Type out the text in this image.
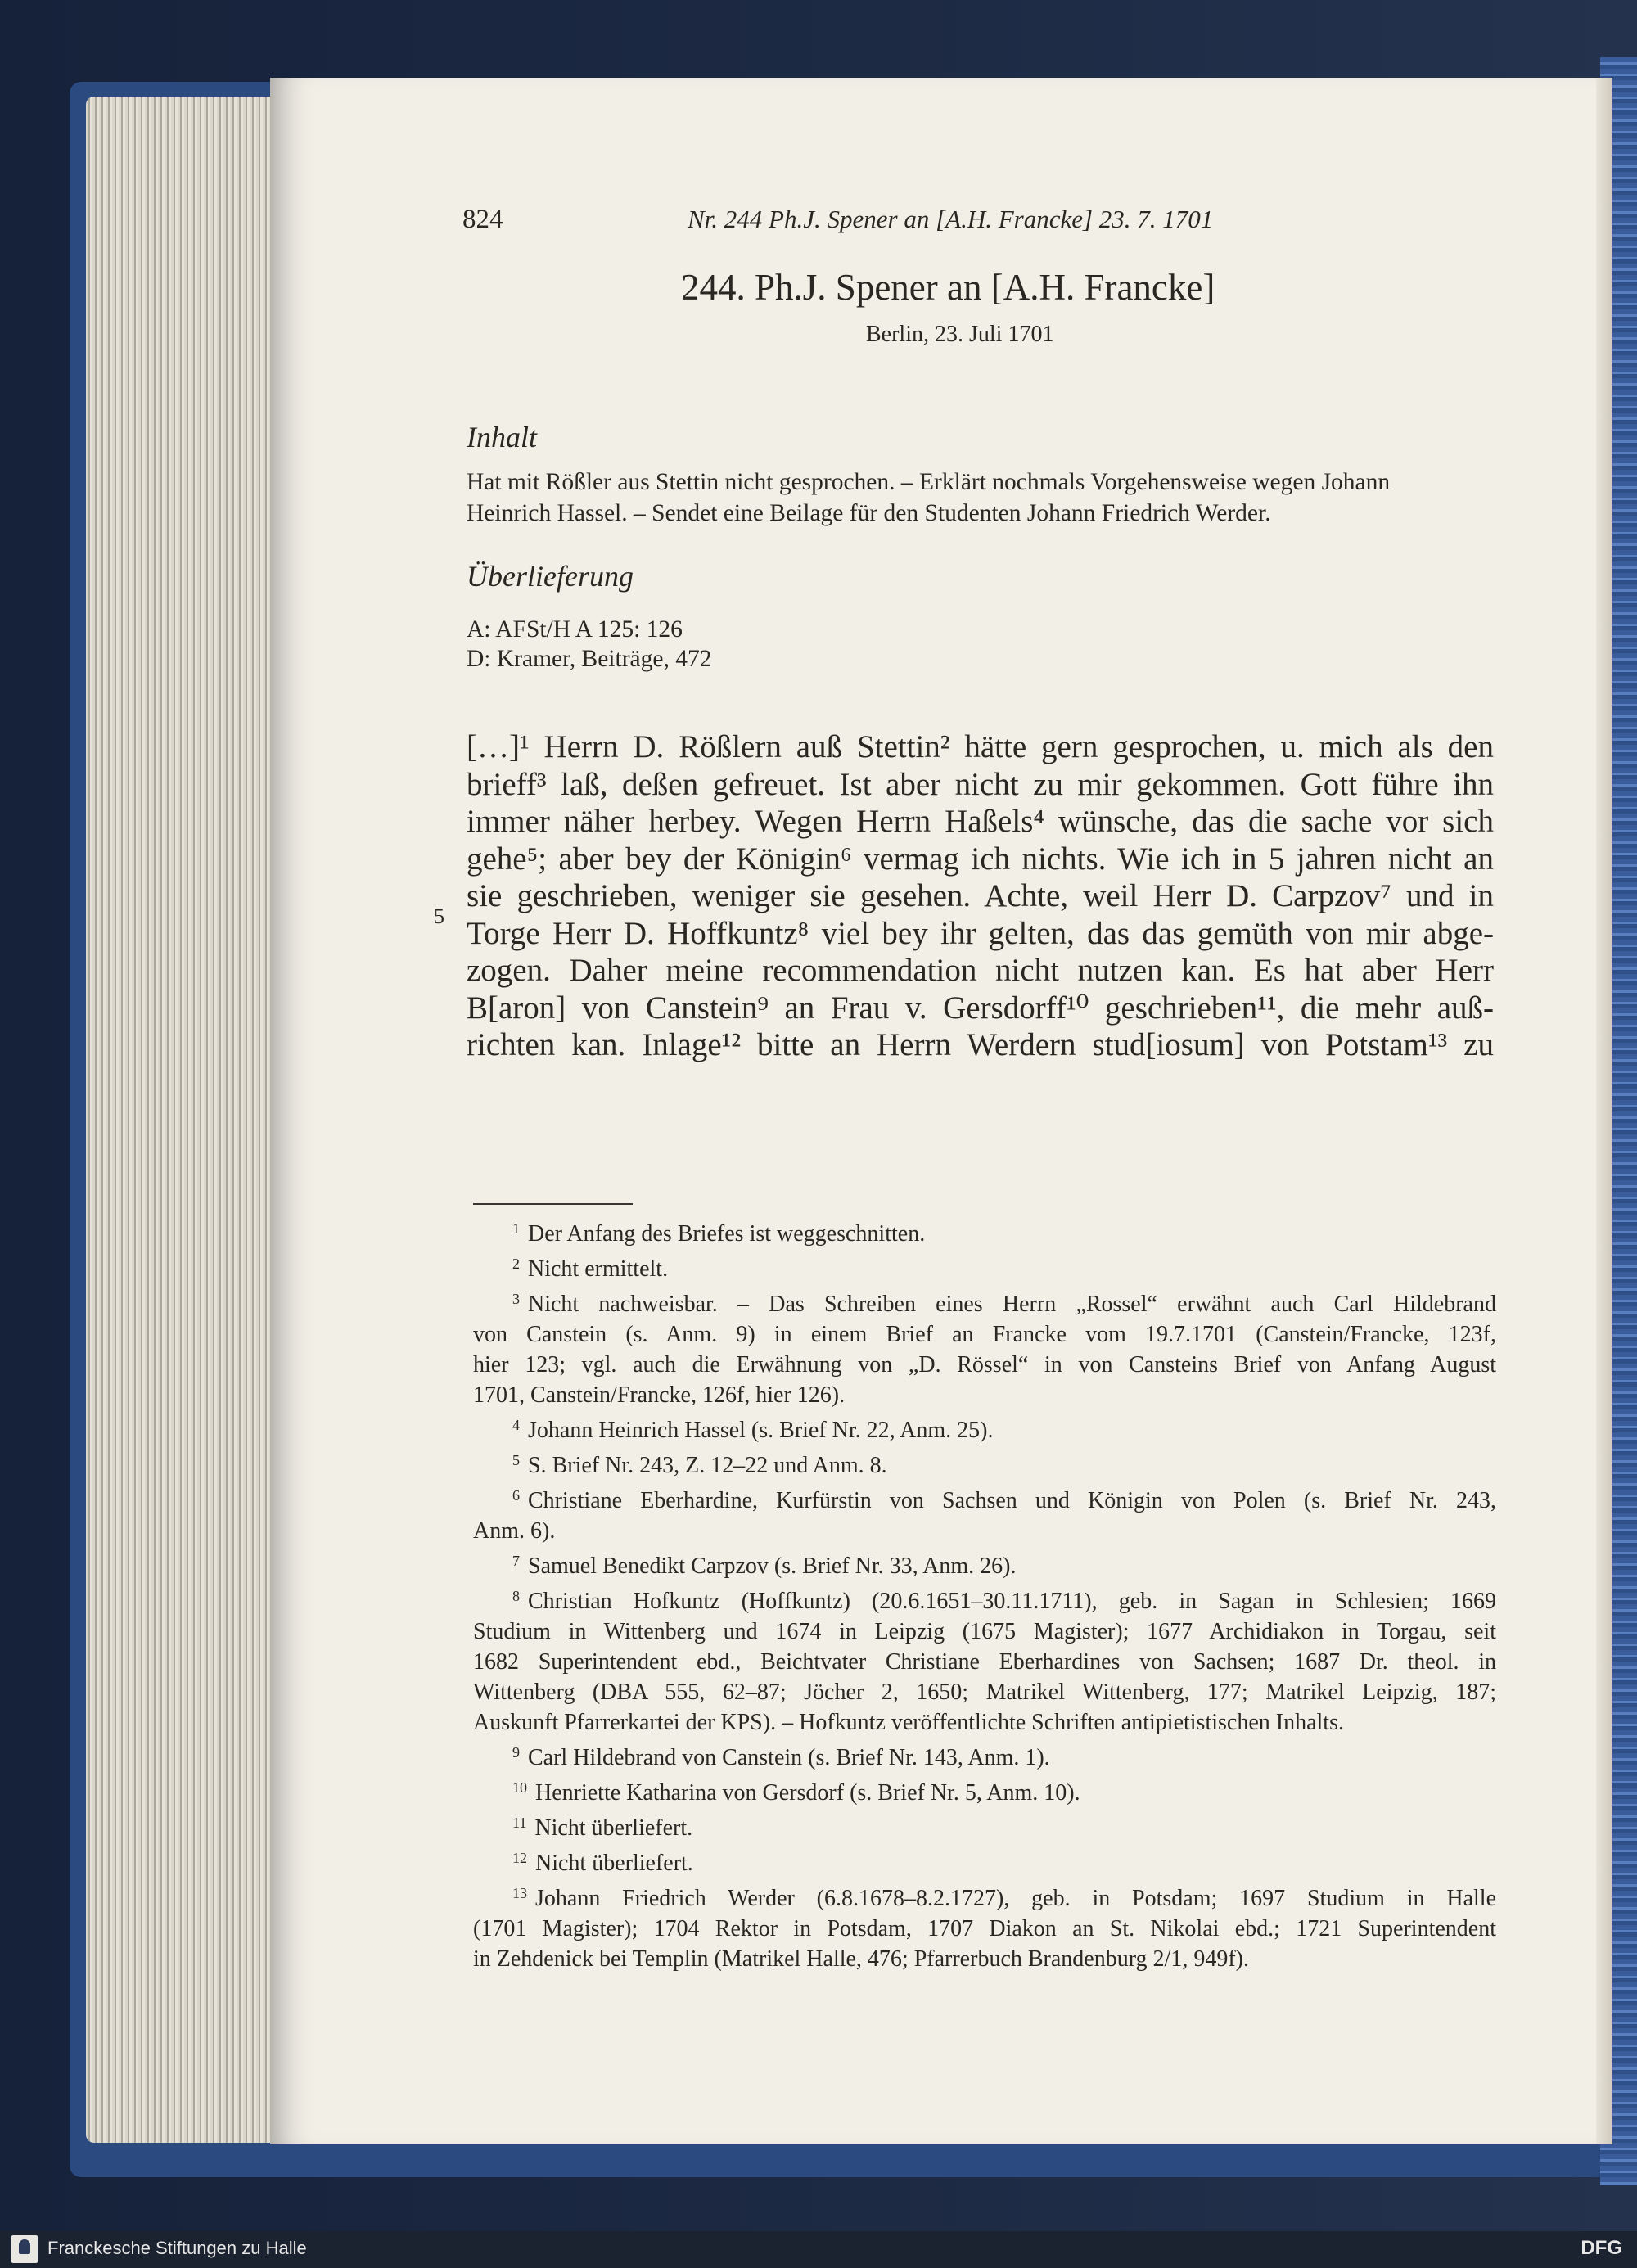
824	Nr. 244 Ph.J. Spener an [A.H. Francke] 23. 7. 1701
244. Ph.J. Spener an [A.H. Francke]
Berlin, 23. Juli 1701
Inhalt
Hat mit Rößler aus Stettin nicht gesprochen. – Erklärt nochmals Vorgehensweise wegen Johann
Heinrich Hassel. – Sendet eine Beilage für den Studenten Johann Friedrich Werder.
Überlieferung
A: AFSt/H A 125: 126
D: Kramer, Beiträge, 472
[…]¹ Herrn D. Rößlern auß Stettin² hätte gern gesprochen, u. mich als den
brieff³ laß, deßen gefreuet. Ist aber nicht zu mir gekommen. Gott führe ihn
immer näher herbey. Wegen Herrn Haßels⁴ wünsche, das die sache vor sich
gehe⁵; aber bey der Königin⁶ vermag ich nichts. Wie ich in 5 jahren nicht an
sie geschrieben, weniger sie gesehen. Achte, weil Herr D. Carpzov⁷ und in
Torge Herr D. Hoffkuntz⁸ viel bey ihr gelten, das das gemüth von mir abge-
zogen. Daher meine recommendation nicht nutzen kan. Es hat aber Herr
B[aron] von Canstein⁹ an Frau v. Gersdorff¹⁰ geschrieben¹¹, die mehr auß-
richten kan. Inlage¹² bitte an Herrn Werdern stud[iosum] von Potstam¹³ zu
5
$^1$ Der Anfang des Briefes ist weggeschnitten.
$^2$ Nicht ermittelt.
$^3$ Nicht nachweisbar. – Das Schreiben eines Herrn „Rossel“ erwähnt auch Carl Hildebrand
von Canstein (s. Anm. 9) in einem Brief an Francke vom 19.7.1701 (Canstein/Francke, 123f,
hier 123; vgl. auch die Erwähnung von „D. Rössel“ in von Cansteins Brief von Anfang August
1701, Canstein/Francke, 126f, hier 126).
$^4$ Johann Heinrich Hassel (s. Brief Nr. 22, Anm. 25).
$^5$ S. Brief Nr. 243, Z. 12–22 und Anm. 8.
$^6$ Christiane Eberhardine, Kurfürstin von Sachsen und Königin von Polen (s. Brief Nr. 243,
Anm. 6).
$^7$ Samuel Benedikt Carpzov (s. Brief Nr. 33, Anm. 26).
$^8$ Christian Hofkuntz (Hoffkuntz) (20.6.1651–30.11.1711), geb. in Sagan in Schlesien; 1669
Studium in Wittenberg und 1674 in Leipzig (1675 Magister); 1677 Archidiakon in Torgau, seit
1682 Superintendent ebd., Beichtvater Christiane Eberhardines von Sachsen; 1687 Dr. theol. in
Wittenberg (DBA 555, 62–87; Jöcher 2, 1650; Matrikel Wittenberg, 177; Matrikel Leipzig, 187;
Auskunft Pfarrerkartei der KPS). – Hofkuntz veröffentlichte Schriften antipietistischen Inhalts.
$^9$ Carl Hildebrand von Canstein (s. Brief Nr. 143, Anm. 1).
$^{10}$ Henriette Katharina von Gersdorf (s. Brief Nr. 5, Anm. 10).
$^{11}$ Nicht überliefert.
$^{12}$ Nicht überliefert.
$^{13}$ Johann Friedrich Werder (6.8.1678–8.2.1727), geb. in Potsdam; 1697 Studium in Halle
(1701 Magister); 1704 Rektor in Potsdam, 1707 Diakon an St. Nikolai ebd.; 1721 Superintendent
in Zehdenick bei Templin (Matrikel Halle, 476; Pfarrerbuch Brandenburg 2/1, 949f).
Franckesche Stiftungen zu Halle	DFG
